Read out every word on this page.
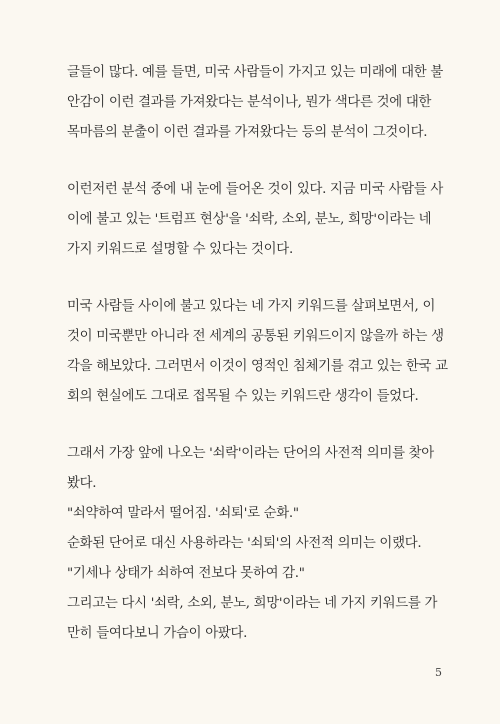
글들이 많다. 예를 들면, 미국 사람들이 가지고 있는 미래에 대한 불
안감이 이런 결과를 가져왔다는 분석이나, 뭔가 색다른 것에 대한
목마름의 분출이 이런 결과를 가져왔다는 등의 분석이 그것이다.
이런저런 분석 중에 내 눈에 들어온 것이 있다. 지금 미국 사람들 사
이에 불고 있는 '트럼프 현상'을 '쇠락, 소외, 분노, 희망'이라는 네
가지 키워드로 설명할 수 있다는 것이다.
미국 사람들 사이에 불고 있다는 네 가지 키워드를 살펴보면서, 이
것이 미국뿐만 아니라 전 세계의 공통된 키워드이지 않을까 하는 생
각을 해보았다. 그러면서 이것이 영적인 침체기를 겪고 있는 한국 교
회의 현실에도 그대로 접목될 수 있는 키워드란 생각이 들었다.
그래서 가장 앞에 나오는 '쇠락'이라는 단어의 사전적 의미를 찾아
봤다.
"쇠약하여 말라서 떨어짐. '쇠퇴'로 순화."
순화된 단어로 대신 사용하라는 '쇠퇴'의 사전적 의미는 이랬다.
"기세나 상태가 쇠하여 전보다 못하여 감."
그리고는 다시 '쇠락, 소외, 분노, 희망'이라는 네 가지 키워드를 가
만히 들여다보니 가슴이 아팠다.
5
